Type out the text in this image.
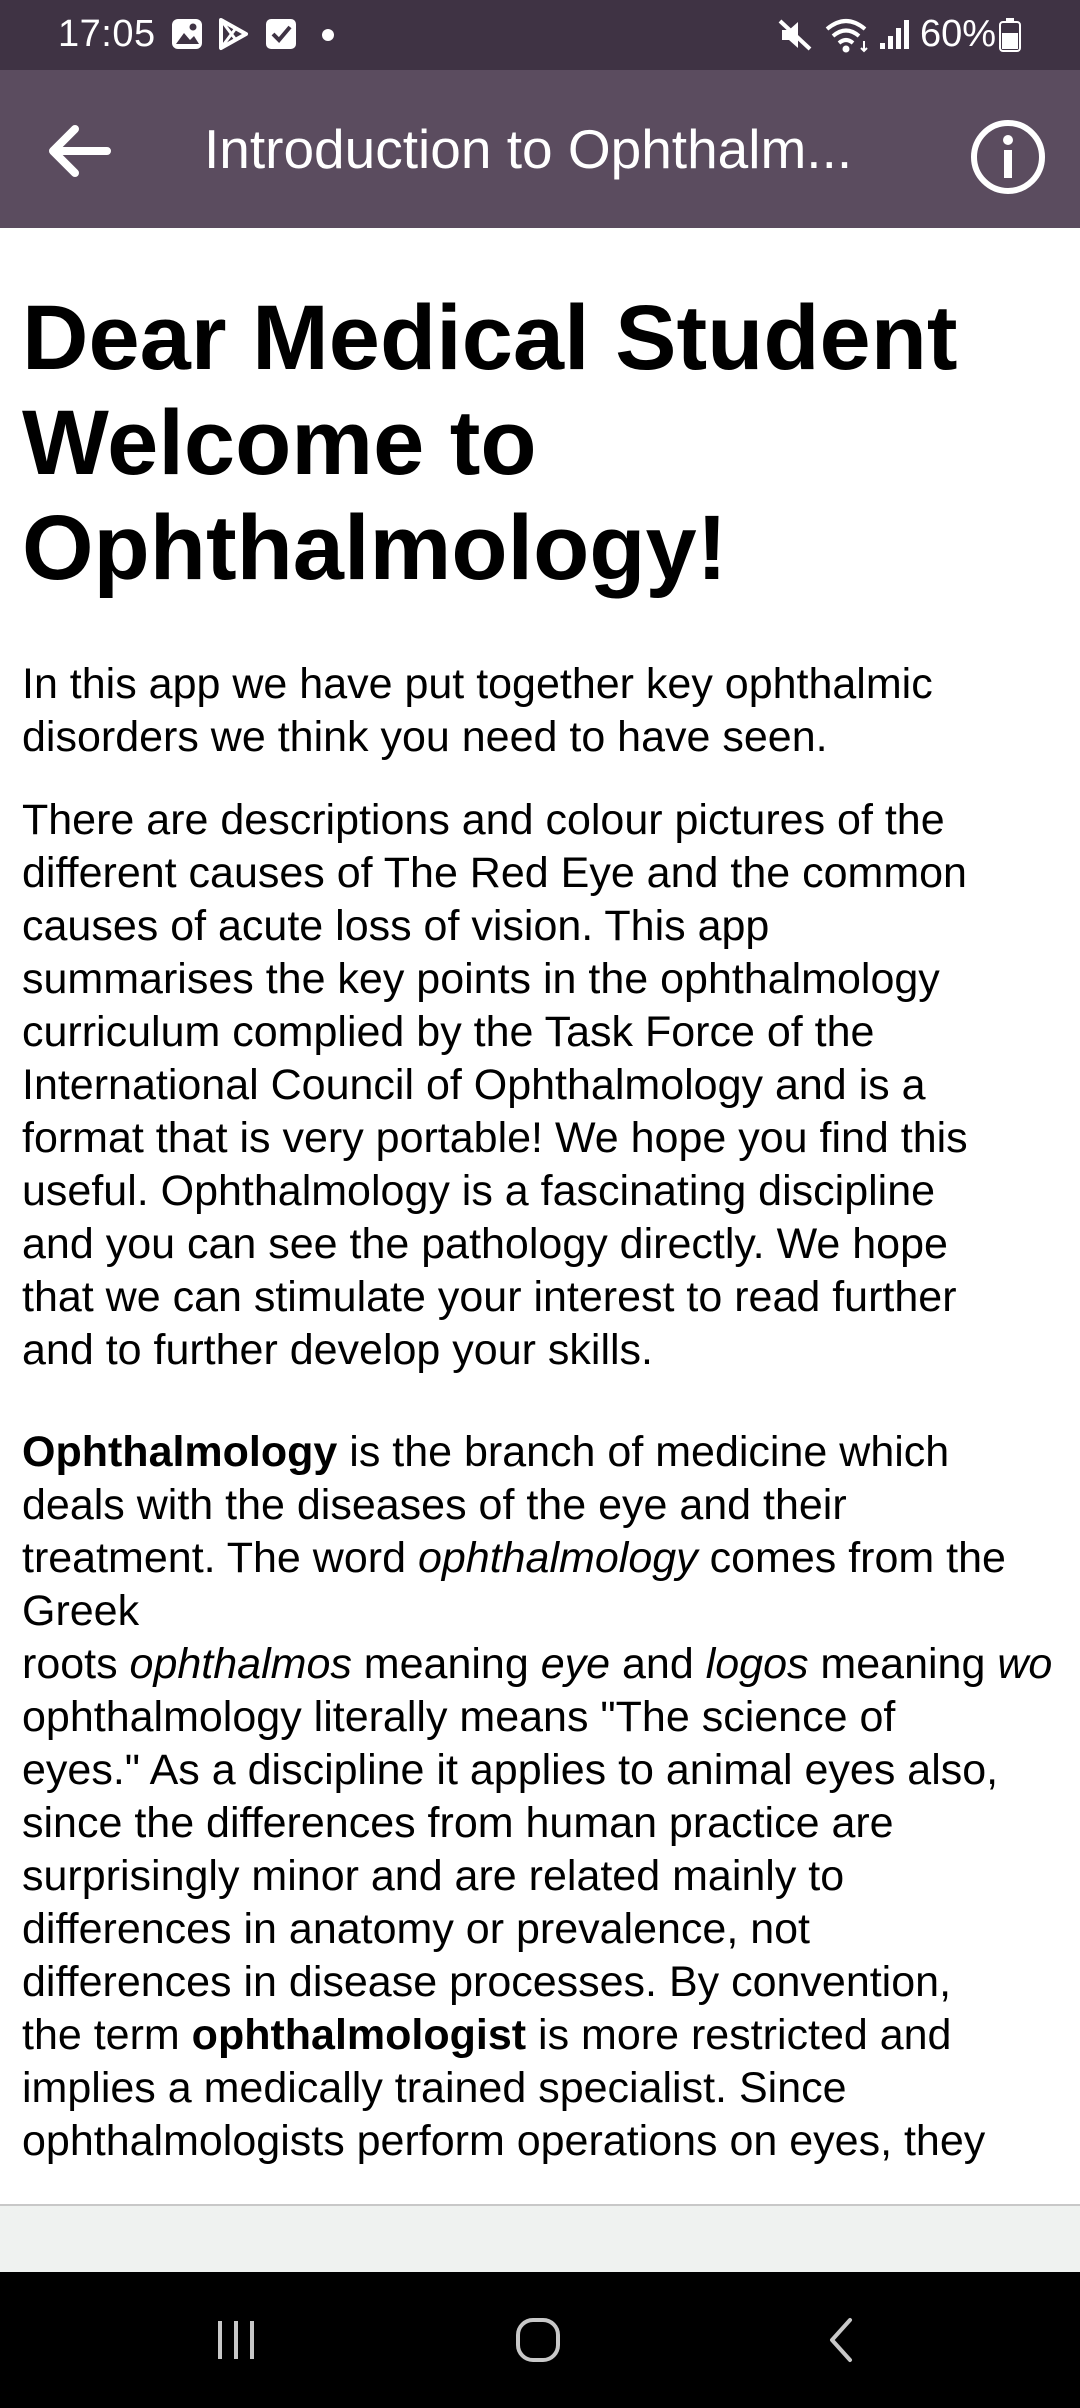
17:05	60%
Introduction to Ophthalm...
Dear Medical Student
Welcome to
Ophthalmology!

In this app we have put together key ophthalmic
disorders we think you need to have seen.

There are descriptions and colour pictures of the
different causes of The Red Eye and the common
causes of acute loss of vision. This app
summarises the key points in the ophthalmology
curriculum complied by the Task Force of the
International Council of Ophthalmology and is a
format that is very portable! We hope you find this
useful. Ophthalmology is a fascinating discipline
and you can see the pathology directly. We hope
that we can stimulate your interest to read further
and to further develop your skills.

Ophthalmology is the branch of medicine which
deals with the diseases of the eye and their
treatment. The word ophthalmology comes from the
Greek
roots ophthalmos meaning eye and logos meaning wo
ophthalmology literally means "The science of
eyes." As a discipline it applies to animal eyes also,
since the differences from human practice are
surprisingly minor and are related mainly to
differences in anatomy or prevalence, not
differences in disease processes. By convention,
the term ophthalmologist is more restricted and
implies a medically trained specialist. Since
ophthalmologists perform operations on eyes, they
